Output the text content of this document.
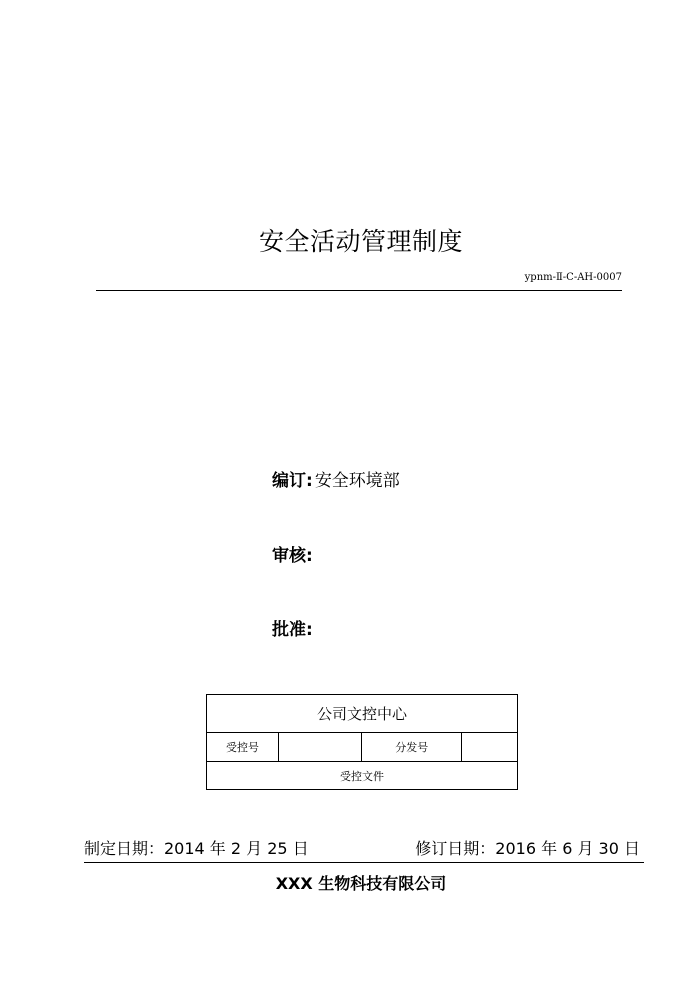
安全活动管理制度
ypnm-Ⅱ-C-AH-0007
编订: 安全环境部
审核:
批准:
公司文控中心
受控号		分发号	
受控文件
制定日期：2014 年 2 月 25 日	修订日期：2016 年 6 月 30 日
XXX 生物科技有限公司
